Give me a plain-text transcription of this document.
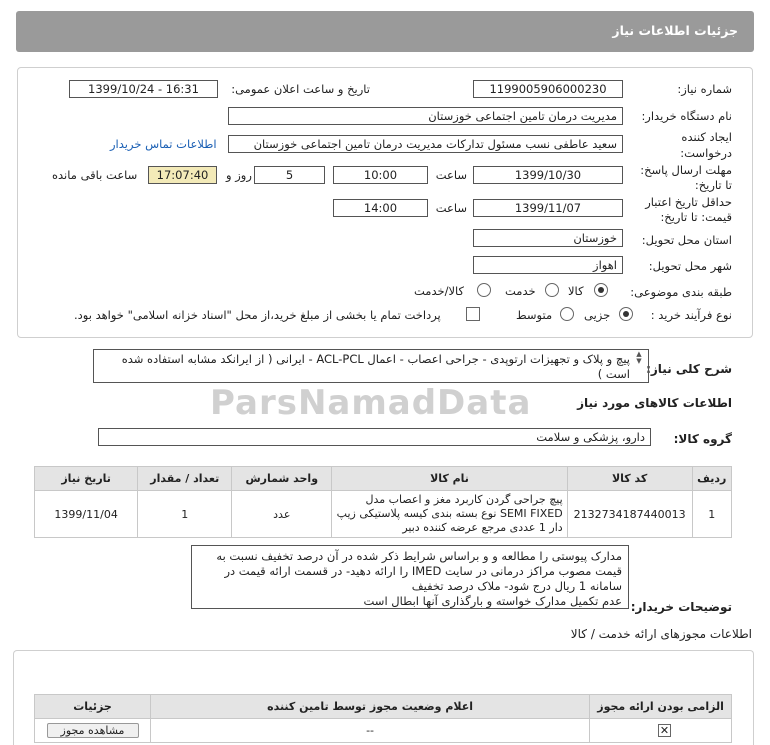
جزئیات اطلاعات نیاز
ParsNamadData
شماره نیاز:
1199005906000230
تاریخ و ساعت اعلان عمومی:
1399/10/24 - 16:31
نام دستگاه خریدار:
مدیریت درمان تامین اجتماعی خوزستان
ایجاد کننده درخواست:
سعید عاطفی نسب مسئول تدارکات مدیریت درمان تامین اجتماعی خوزستان
اطلاعات تماس خریدار
مهلت ارسال پاسخ: تا تاریخ:
1399/10/30
ساعت
10:00
5
روز و
17:07:40
ساعت باقی مانده
حداقل تاریخ اعتبار قیمت: تا تاریخ:
1399/11/07
ساعت
14:00
استان محل تحویل:
خوزستان
شهر محل تحویل:
اهواز
طبقه بندی موضوعی:
کالا
خدمت
کالا/خدمت
نوع فرآیند خرید :
جزیی
متوسط
پرداخت تمام یا بخشی از مبلغ خرید،از محل "اسناد خزانه اسلامی" خواهد بود.
شرح کلی نیاز:
پیچ و پلاک و تجهیزات ارتوپدی - جراحی اعصاب - اعمال ACL-PCL - ایرانی ( از ایرانکد مشابه استفاده شده است )
▲
▼
اطلاعات کالاهای مورد نیاز
گروه کالا:
دارو، پزشکی و سلامت
ردیف	کد کالا	نام کالا	واحد شمارش	تعداد / مقدار	تاریخ نیاز
1	2132734187440013	پیچ جراحی گردن کاربرد مغز و اعصاب مدل SEMI FIXED نوع بسته بندی کیسه پلاستیکی زیپ دار 1 عددی مرجع عرضه کننده دبیر	عدد	1	1399/11/04
توضیحات خریدار:
مدارک پیوستی را مطالعه و و براساس شرایط ذکر شده در آن درصد تخفیف نسبت به قیمت مصوب مراکز درمانی در سایت IMED را ارائه دهید- در قسمت ارائه قیمت در سامانه 1 ریال درج شود- ملاک درصد تخفیف
عدم تکمیل مدارک خواسته و بارگذاری آنها ابطال است
اطلاعات مجوزهای ارائه خدمت / کالا
الزامی بودن ارائه مجوز	اعلام وضعیت مجوز توسط تامین کننده	جزئیات
✕	--	مشاهده مجوز
